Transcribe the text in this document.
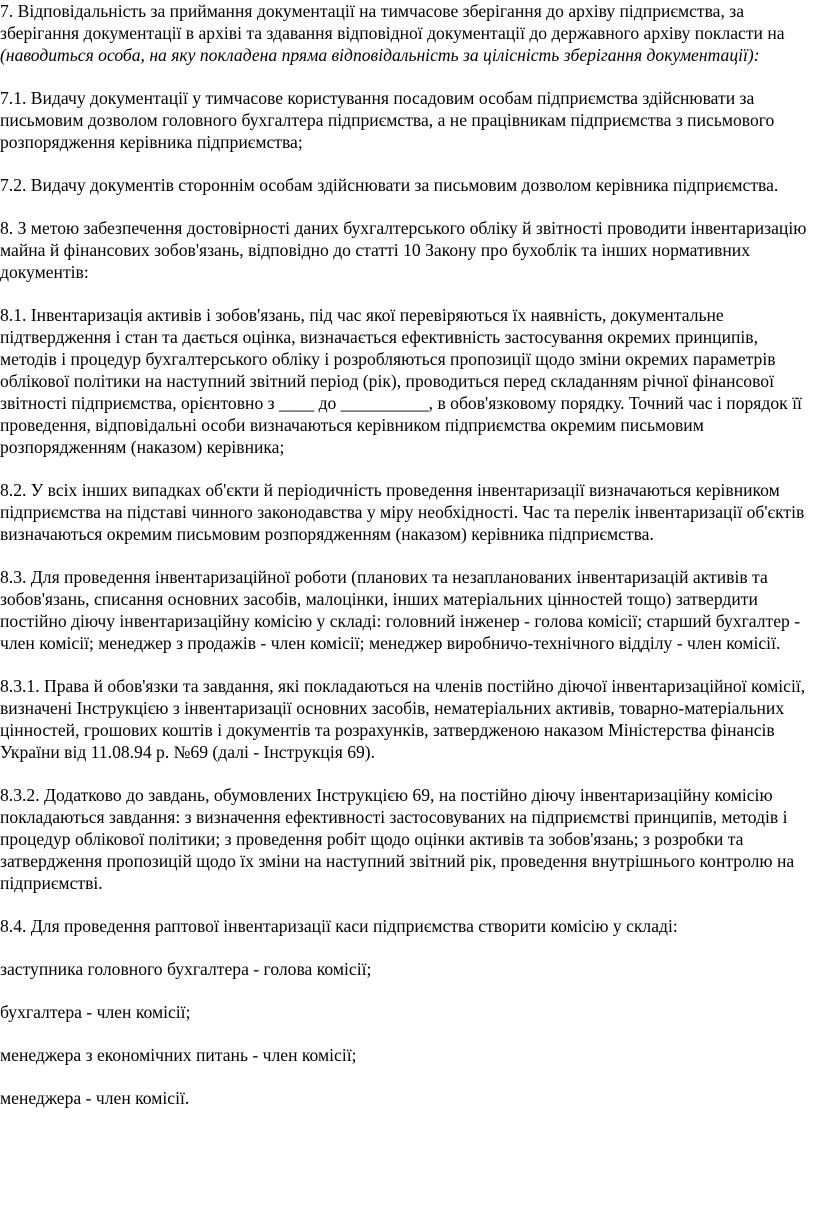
7. Відповідальність за приймання документації на тимчасове зберігання до архіву підприємства, за зберігання документації в архіві та здавання відповідної документації до державного архіву покласти на (наводиться особа, на яку покладена пряма відповідальність за цілісність зберігання документації):

7.1. Видачу документації у тимчасове користування посадовим особам підприємства здійснювати за письмовим дозволом головного бухгалтера підприємства, а не працівникам підприємства з письмового розпорядження керівника підприємства;

7.2. Видачу документів стороннім особам здійснювати за письмовим дозволом керівника підприємства.

8. З метою забезпечення достовірності даних бухгалтерського обліку й звітності проводити інвентаризацію майна й фінансових зобов'язань, відповідно до статті 10 Закону про бухоблік та інших нормативних документів:

8.1. Інвентаризація активів і зобов'язань, під час якої перевіряються їх наявність, документальне підтвердження і стан та дається оцінка, визначається ефективність застосування окремих принципів, методів і процедур бухгалтерського обліку і розробляються пропозиції щодо зміни окремих параметрів облікової політики на наступний звітний період (рік), проводиться перед складанням річної фінансової звітності підприємства, орієнтовно з ____ до __________, в обов'язковому порядку. Точний час і порядок її проведення, відповідальні особи визначаються керівником підприємства окремим письмовим розпорядженням (наказом) керівника;

8.2. У всіх інших випадках об'єкти й періодичність проведення інвентаризації визначаються керівником підприємства на підставі чинного законодавства у міру необхідності. Час та перелік інвентаризації об'єктів визначаються окремим письмовим розпорядженням (наказом) керівника підприємства.

8.3. Для проведення інвентаризаційної роботи (планових та незапланованих інвентаризацій активів та зобов'язань, списання основних засобів, малоцінки, інших матеріальних цінностей тощо) затвердити постійно діючу інвентаризаційну комісію у складі: головний інженер - голова комісії; старший бухгалтер - член комісії; менеджер з продажів - член комісії; менеджер виробничо-технічного відділу - член комісії.

8.3.1. Права й обов'язки та завдання, які покладаються на членів постійно діючої інвентаризаційної комісії, визначені Інструкцією з інвентаризації основних засобів, нематеріальних активів, товарно-матеріальних цінностей, грошових коштів і документів та розрахунків, затвердженою наказом Міністерства фінансів України від 11.08.94 р. №69 (далі - Інструкція 69).

8.3.2. Додатково до завдань, обумовлених Інструкцією 69, на постійно діючу інвентаризаційну комісію покладаються завдання: з визначення ефективності застосовуваних на підприємстві принципів, методів і процедур облікової політики; з проведення робіт щодо оцінки активів та зобов'язань; з розробки та затвердження пропозицій щодо їх зміни на наступний звітний рік, проведення внутрішнього контролю на підприємстві.

8.4. Для проведення раптової інвентаризації каси підприємства створити комісію у складі:

заступника головного бухгалтера - голова комісії;

бухгалтера - член комісії;

менеджера з економічних питань - член комісії;

менеджера - член комісії.
